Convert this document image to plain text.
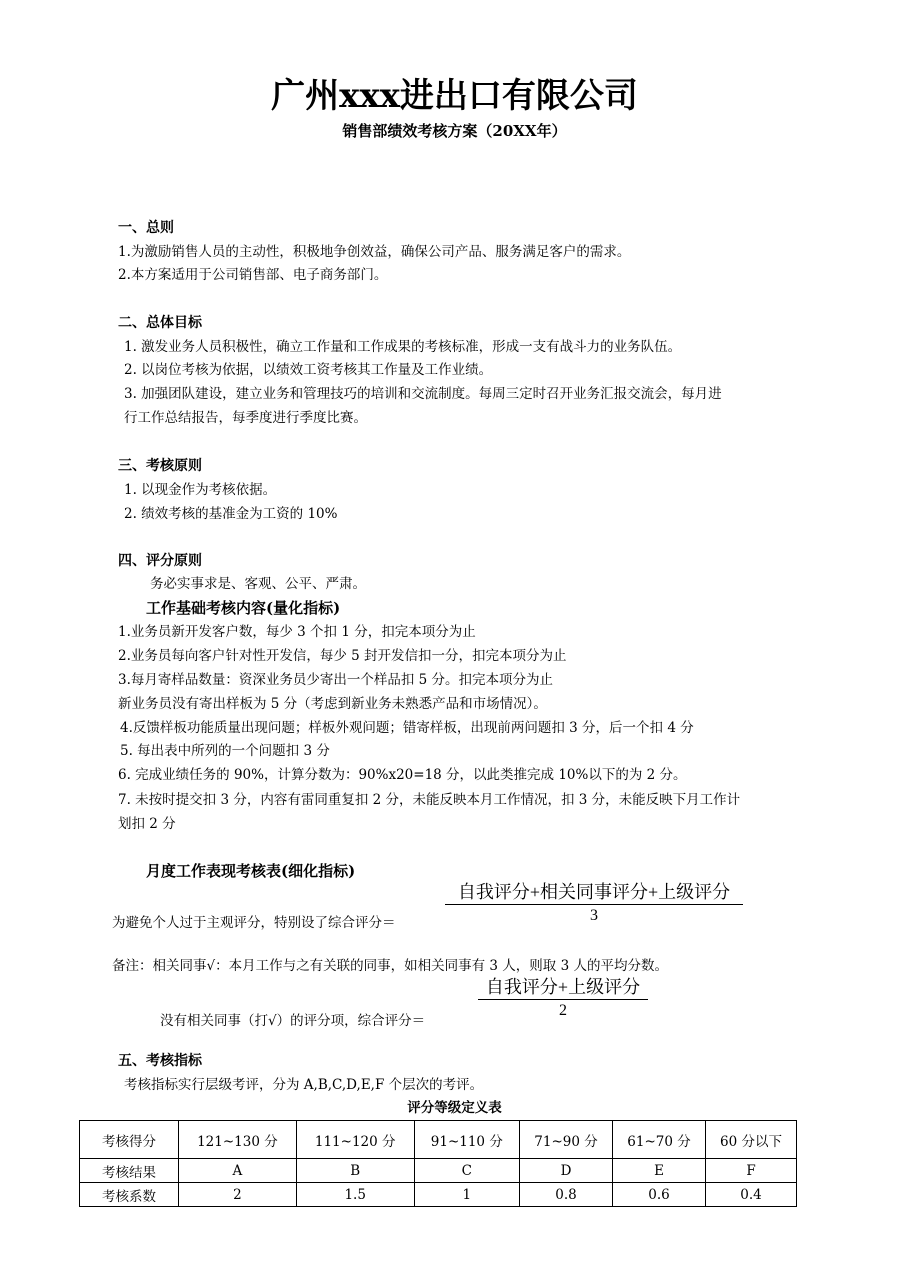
广州xxx进出口有限公司
销售部绩效考核方案（20XX年）
一、总则
1.为激励销售人员的主动性，积极地争创效益，确保公司产品、服务满足客户的需求。
2.本方案适用于公司销售部、电子商务部门。
二、总体目标
1. 激发业务人员积极性，确立工作量和工作成果的考核标准，形成一支有战斗力的业务队伍。
2. 以岗位考核为依据，以绩效工资考核其工作量及工作业绩。
3. 加强团队建设，建立业务和管理技巧的培训和交流制度。每周三定时召开业务汇报交流会，每月进
行工作总结报告，每季度进行季度比赛。
三、考核原则
1. 以现金作为考核依据。
2. 绩效考核的基准金为工资的 10%
四、评分原则
务必实事求是、客观、公平、严肃。
工作基础考核内容(量化指标)
1.业务员新开发客户数，每少 3 个扣 1 分，扣完本项分为止
2.业务员每向客户针对性开发信，每少 5 封开发信扣一分，扣完本项分为止
3.每月寄样品数量：资深业务员少寄出一个样品扣 5 分。扣完本项分为止
新业务员没有寄出样板为 5 分（考虑到新业务未熟悉产品和市场情况）。
4.反馈样板功能质量出现问题；样板外观问题；错寄样板，出现前两问题扣 3 分，后一个扣 4 分
5. 每出表中所列的一个问题扣 3 分
6. 完成业绩任务的 90%，计算分数为：90%x20=18 分，以此类推完成 10%以下的为 2 分。
7. 未按时提交扣 3 分，内容有雷同重复扣 2 分，未能反映本月工作情况，扣 3 分，未能反映下月工作计
划扣 2 分
月度工作表现考核表(细化指标)
为避免个人过于主观评分，特别设了综合评分＝
自我评分+相关同事评分+上级评分
3
备注：相关同事√：本月工作与之有关联的同事，如相关同事有 3 人，则取 3 人的平均分数。
没有相关同事（打√）的评分项，综合评分＝
自我评分+上级评分
2
五、考核指标
考核指标实行层级考评，分为 A,B,C,D,E,F 个层次的考评。
评分等级定义表
考核得分	121~130 分	111~120 分	91~110 分	71~90 分	61~70 分	60 分以下
考核结果	A	B	C	D	E	F
考核系数	2	1.5	1	0.8	0.6	0.4
